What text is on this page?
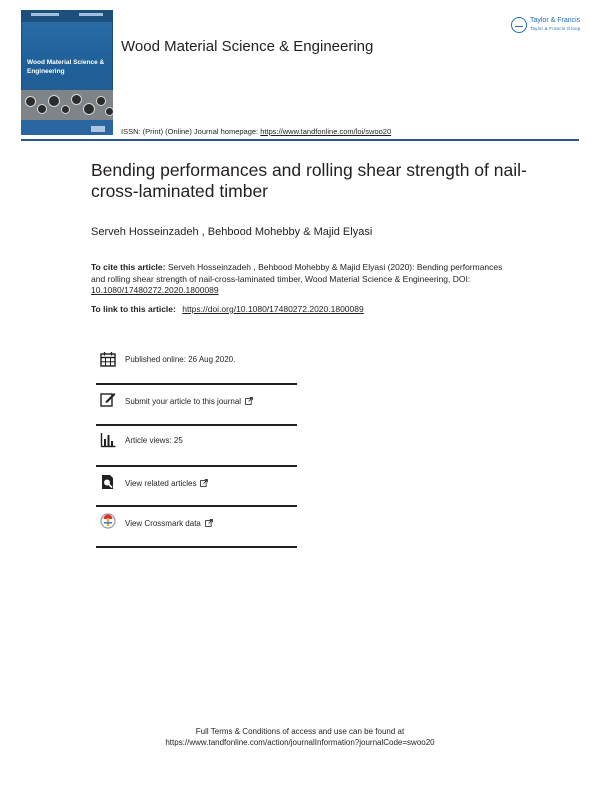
Wood Material Science & Engineering
Wood Material Science & Engineering
Taylor & Francis
Taylor & Francis Group
ISSN: (Print) (Online) Journal homepage: https://www.tandfonline.com/loi/swoo20
Bending performances and rolling shear strength of nail-cross-laminated timber
Serveh Hosseinzadeh , Behbood Mohebby & Majid Elyasi
To cite this article: Serveh Hosseinzadeh , Behbood Mohebby & Majid Elyasi (2020): Bending performances and rolling shear strength of nail-cross-laminated timber, Wood Material Science & Engineering, DOI: 10.1080/17480272.2020.1800089
To link to this article: https://doi.org/10.1080/17480272.2020.1800089
Published online: 26 Aug 2020.
Submit your article to this journal
Article views: 25
View related articles
View Crossmark data
Full Terms & Conditions of access and use can be found at
https://www.tandfonline.com/action/journalInformation?journalCode=swoo20
